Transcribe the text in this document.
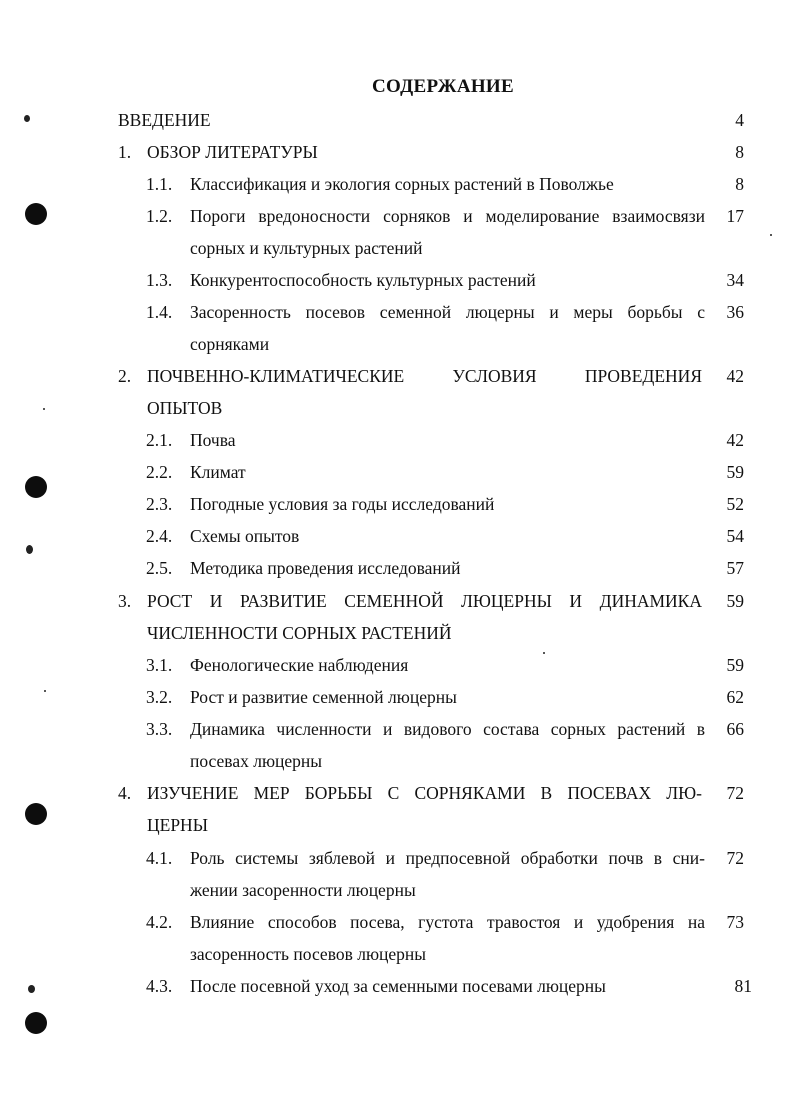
СОДЕРЖАНИЕ
ВВЕДЕНИЕ	4
1. ОБЗОР ЛИТЕРАТУРЫ	8
1.1. Классификация и экология сорных растений в Поволжье	8
1.2. Пороги вредоносности сорняков и моделирование взаимосвязи	17
сорных и культурных растений
1.3. Конкурентоспособность культурных растений	34
1.4. Засоренность посевов семенной люцерны и меры борьбы с	36
сорняками
2. ПОЧВЕННО-КЛИМАТИЧЕСКИЕ УСЛОВИЯ ПРОВЕДЕНИЯ	42
ОПЫТОВ
2.1. Почва	42
2.2. Климат	59
2.3. Погодные условия за годы исследований	52
2.4. Схемы опытов	54
2.5. Методика проведения исследований	57
3. РОСТ И РАЗВИТИЕ СЕМЕННОЙ ЛЮЦЕРНЫ И ДИНАМИКА	59
ЧИСЛЕННОСТИ СОРНЫХ РАСТЕНИЙ
3.1. Фенологические наблюдения	59
3.2. Рост и развитие семенной люцерны	62
3.3. Динамика численности и видового состава сорных растений в	66
посевах люцерны
4. ИЗУЧЕНИЕ МЕР БОРЬБЫ С СОРНЯКАМИ В ПОСЕВАХ ЛЮ-	72
ЦЕРНЫ
4.1. Роль системы зяблевой и предпосевной обработки почв в сни-	72
жении засоренности люцерны
4.2. Влияние способов посева, густота травостоя и удобрения на	73
засоренность посевов люцерны
4.3. После посевной уход за семенными посевами люцерны	81
